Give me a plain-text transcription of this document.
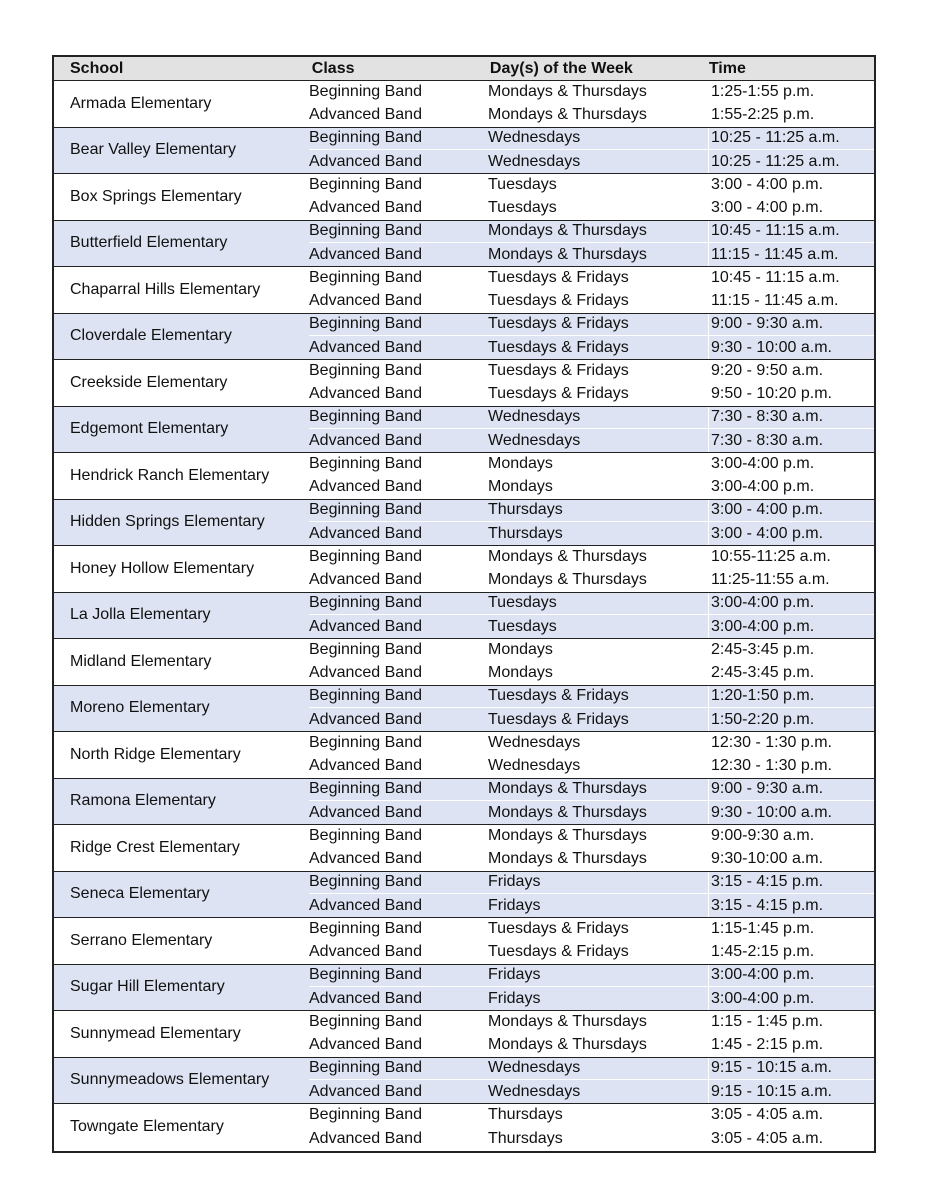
School	Class	Day(s) of the Week	Time
Armada Elementary
Beginning Band	Mondays & Thursdays	1:25-1:55 p.m.
Advanced Band	Mondays & Thursdays	1:55-2:25 p.m.
Bear Valley Elementary
Beginning Band	Wednesdays	10:25 - 11:25 a.m.
Advanced Band	Wednesdays	10:25 - 11:25 a.m.
Box Springs Elementary
Beginning Band	Tuesdays	3:00 - 4:00 p.m.
Advanced Band	Tuesdays	3:00 - 4:00 p.m.
Butterfield Elementary
Beginning Band	Mondays & Thursdays	10:45 - 11:15 a.m.
Advanced Band	Mondays & Thursdays	11:15 - 11:45 a.m.
Chaparral Hills Elementary
Beginning Band	Tuesdays & Fridays	10:45 - 11:15 a.m.
Advanced Band	Tuesdays & Fridays	11:15 - 11:45 a.m.
Cloverdale Elementary
Beginning Band	Tuesdays & Fridays	9:00 - 9:30 a.m.
Advanced Band	Tuesdays & Fridays	9:30 - 10:00 a.m.
Creekside Elementary
Beginning Band	Tuesdays & Fridays	9:20 - 9:50 a.m.
Advanced Band	Tuesdays & Fridays	9:50 - 10:20 p.m.
Edgemont Elementary
Beginning Band	Wednesdays	7:30 - 8:30 a.m.
Advanced Band	Wednesdays	7:30 - 8:30 a.m.
Hendrick Ranch Elementary
Beginning Band	Mondays	3:00-4:00 p.m.
Advanced Band	Mondays	3:00-4:00 p.m.
Hidden Springs Elementary
Beginning Band	Thursdays	3:00 - 4:00 p.m.
Advanced Band	Thursdays	3:00 - 4:00 p.m.
Honey Hollow Elementary
Beginning Band	Mondays & Thursdays	10:55-11:25 a.m.
Advanced Band	Mondays & Thursdays	11:25-11:55 a.m.
La Jolla Elementary
Beginning Band	Tuesdays	3:00-4:00 p.m.
Advanced Band	Tuesdays	3:00-4:00 p.m.
Midland Elementary
Beginning Band	Mondays	2:45-3:45 p.m.
Advanced Band	Mondays	2:45-3:45 p.m.
Moreno Elementary
Beginning Band	Tuesdays & Fridays	1:20-1:50 p.m.
Advanced Band	Tuesdays & Fridays	1:50-2:20 p.m.
North Ridge Elementary
Beginning Band	Wednesdays	12:30 - 1:30 p.m.
Advanced Band	Wednesdays	12:30 - 1:30 p.m.
Ramona Elementary
Beginning Band	Mondays & Thursdays	9:00 - 9:30 a.m.
Advanced Band	Mondays & Thursdays	9:30 - 10:00 a.m.
Ridge Crest Elementary
Beginning Band	Mondays & Thursdays	9:00-9:30 a.m.
Advanced Band	Mondays & Thursdays	9:30-10:00 a.m.
Seneca Elementary
Beginning Band	Fridays	3:15 - 4:15 p.m.
Advanced Band	Fridays	3:15 - 4:15 p.m.
Serrano Elementary
Beginning Band	Tuesdays & Fridays	1:15-1:45 p.m.
Advanced Band	Tuesdays & Fridays	1:45-2:15 p.m.
Sugar Hill Elementary
Beginning Band	Fridays	3:00-4:00 p.m.
Advanced Band	Fridays	3:00-4:00 p.m.
Sunnymead Elementary
Beginning Band	Mondays & Thursdays	1:15 - 1:45 p.m.
Advanced Band	Mondays & Thursdays	1:45 - 2:15 p.m.
Sunnymeadows Elementary
Beginning Band	Wednesdays	9:15 - 10:15 a.m.
Advanced Band	Wednesdays	9:15 - 10:15 a.m.
Towngate Elementary
Beginning Band	Thursdays	3:05 - 4:05 a.m.
Advanced Band	Thursdays	3:05 - 4:05 a.m.
